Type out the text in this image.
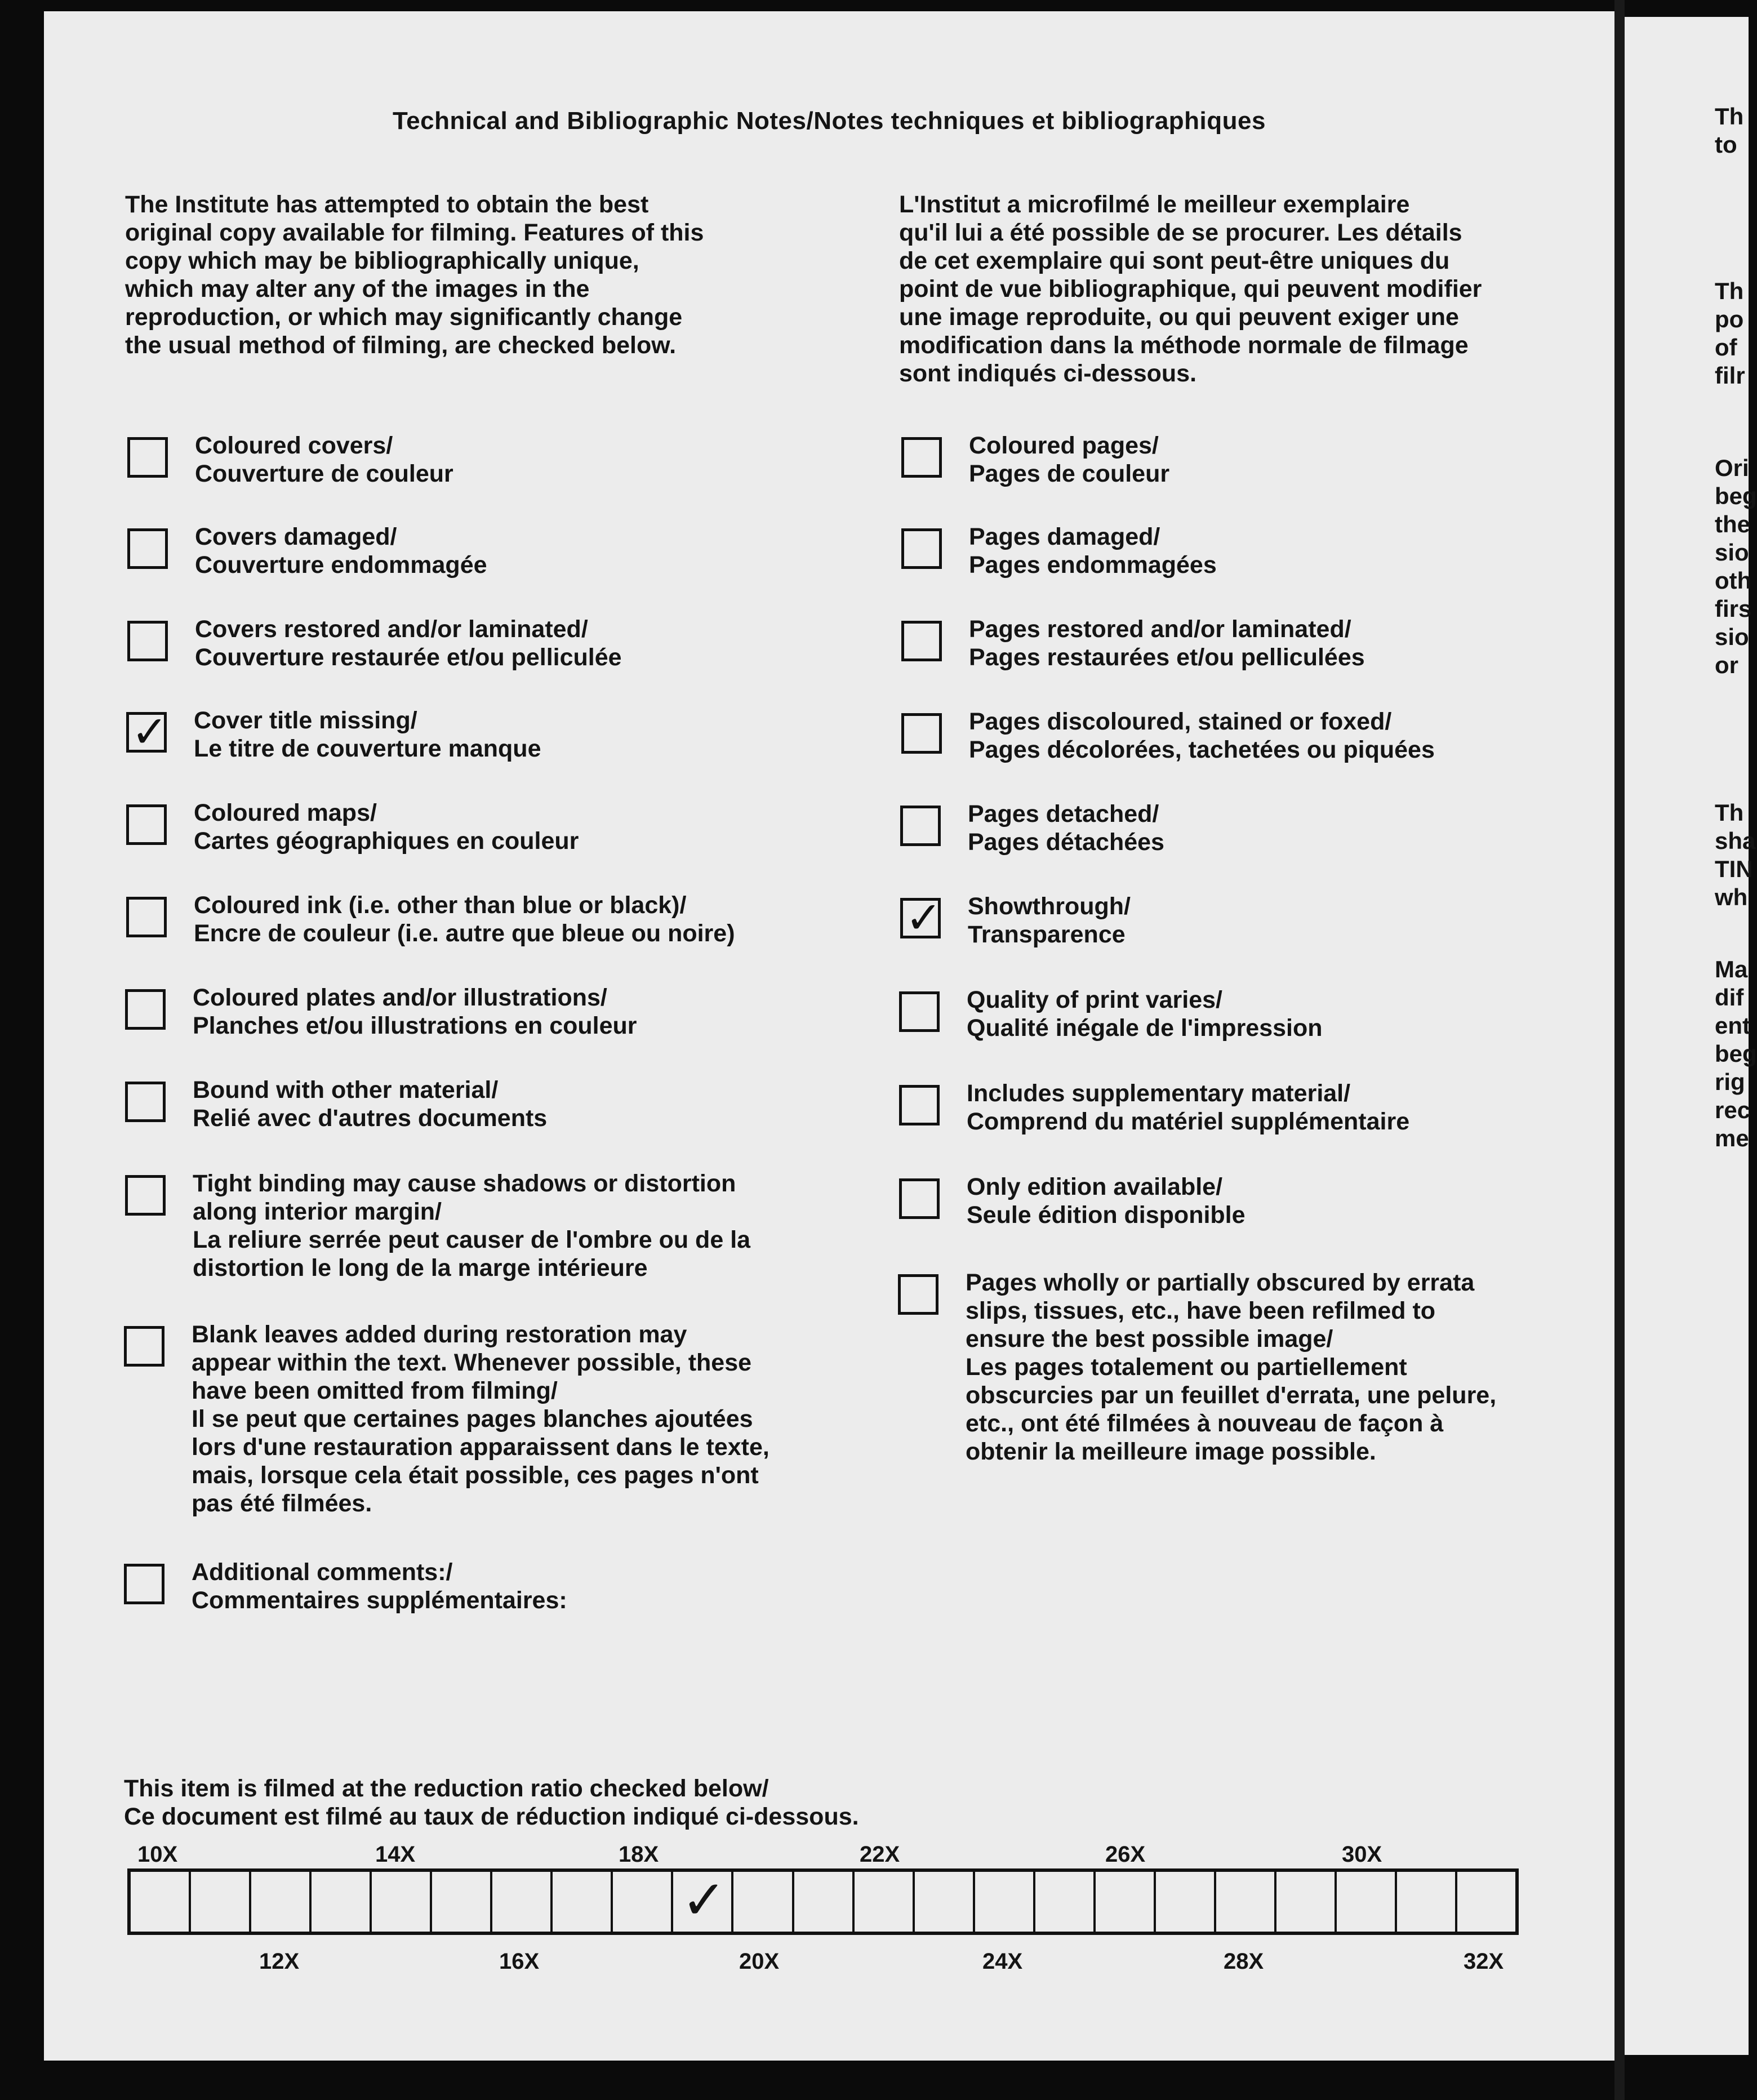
Technical and Bibliographic Notes/Notes techniques et bibliographiques
The Institute has attempted to obtain the best
original copy available for filming. Features of this
copy which may be bibliographically unique,
which may alter any of the images in the
reproduction, or which may significantly change
the usual method of filming, are checked below.
L'Institut a microfilmé le meilleur exemplaire
qu'il lui a été possible de se procurer. Les détails
de cet exemplaire qui sont peut-être uniques du
point de vue bibliographique, qui peuvent modifier
une image reproduite, ou qui peuvent exiger une
modification dans la méthode normale de filmage
sont indiqués ci-dessous.
Coloured covers/
Couverture de couleur
Covers damaged/
Couverture endommagée
Covers restored and/or laminated/
Couverture restaurée et/ou pelliculée
✓
Cover title missing/
Le titre de couverture manque
Coloured maps/
Cartes géographiques en couleur
Coloured ink (i.e. other than blue or black)/
Encre de couleur (i.e. autre que bleue ou noire)
Coloured plates and/or illustrations/
Planches et/ou illustrations en couleur
Bound with other material/
Relié avec d'autres documents
Tight binding may cause shadows or distortion
along interior margin/
La reliure serrée peut causer de l'ombre ou de la
distortion le long de la marge intérieure
Blank leaves added during restoration may
appear within the text. Whenever possible, these
have been omitted from filming/
Il se peut que certaines pages blanches ajoutées
lors d'une restauration apparaissent dans le texte,
mais, lorsque cela était possible, ces pages n'ont
pas été filmées.
Additional comments:/
Commentaires supplémentaires:
Coloured pages/
Pages de couleur
Pages damaged/
Pages endommagées
Pages restored and/or laminated/
Pages restaurées et/ou pelliculées
Pages discoloured, stained or foxed/
Pages décolorées, tachetées ou piquées
Pages detached/
Pages détachées
✓
Showthrough/
Transparence
Quality of print varies/
Qualité inégale de l'impression
Includes supplementary material/
Comprend du matériel supplémentaire
Only edition available/
Seule édition disponible
Pages wholly or partially obscured by errata
slips, tissues, etc., have been refilmed to
ensure the best possible image/
Les pages totalement ou partiellement
obscurcies par un feuillet d'errata, une pelure,
etc., ont été filmées à nouveau de façon à
obtenir la meilleure image possible.
This item is filmed at the reduction ratio checked below/
Ce document est filmé au taux de réduction indiqué ci-dessous.
10X	14X	18X	22X	26X	30X
✓
12X	16X	20X	24X	28X	32X
Th
to
Th
po
of
filr
Ori
beg
the
sio
oth
firs
sio
or
Th
sha
TIN
wh
Ma
dif
ent
beg
rig
rec
me
